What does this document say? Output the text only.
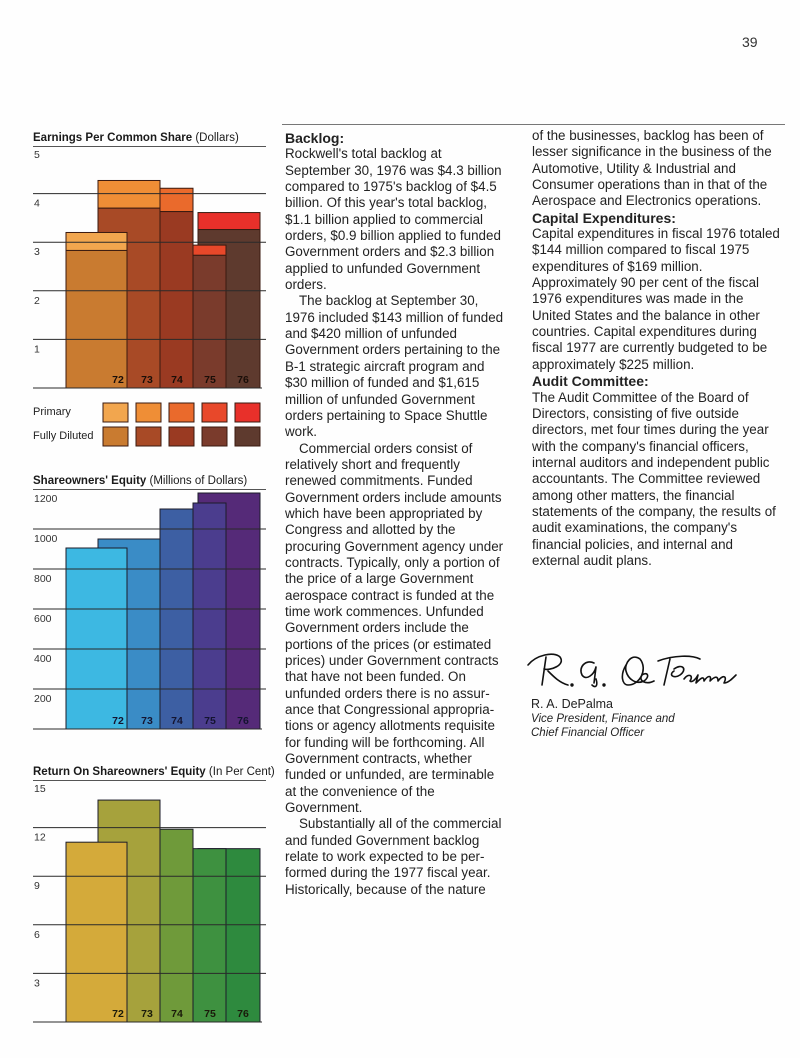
39
Earnings Per Common Share (Dollars)
1
2
3
4
5
72 73 74 75 76
Primary
Fully Diluted
Shareowners' Equity (Millions of Dollars)
200
400
600
800
1000
1200
72 73 74 75 76
Return On Shareowners' Equity (In Per Cent)
3
6
9
12
15
72 73 74 75 76
Backlog:

Rockwell's total backlog at September 30, 1976 was $4.3 billion compared to 1975's backlog of $4.5 billion. Of this year's total backlog, $1.1 billion applied to commercial orders, $0.9 billion applied to funded Government orders and $2.3 billion applied to unfunded Government orders.

The backlog at September 30, 1976 included $143 million of funded and $420 million of unfunded Government orders pertaining to the B-1 strategic aircraft program and $30 million of funded and $1,615 million of unfunded Government orders pertaining to Space Shuttle work.

Commercial orders consist of relatively short and frequently renewed commitments. Funded Government orders include amounts which have been appropriated by Congress and allotted by the procuring Government agency under contracts. Typically, only a portion of the price of a large Government aerospace contract is funded at the time work commences. Unfunded Government orders include the portions of the prices (or estimated prices) under Government contracts that have not been funded. On unfunded orders there is no assurance that Congressional appropriations or agency allotments requisite for funding will be forthcoming. All Government contracts, whether funded or unfunded, are terminable at the convenience of the Government.

Substantially all of the commercial and funded Government backlog relate to work expected to be performed during the 1977 fiscal year. Historically, because of the nature

of the businesses, backlog has been of lesser significance in the business of the Automotive, Utility & Industrial and Consumer operations than in that of the Aerospace and Electronics operations.

Capital Expenditures:

Capital expenditures in fiscal 1976 totaled $144 million compared to fiscal 1975 expenditures of $169 million. Approximately 90 per cent of the fiscal 1976 expenditures was made in the United States and the balance in other countries. Capital expenditures during fiscal 1977 are currently budgeted to be approximately $225 million.

Audit Committee:

The Audit Committee of the Board of Directors, consisting of five outside directors, met four times during the year with the company's financial officers, internal auditors and independent public accountants. The Committee reviewed among other matters, the financial statements of the company, the results of audit examinations, the company's financial policies, and internal and external audit plans.

R. A. DePalma
Vice President, Finance and
Chief Financial Officer
